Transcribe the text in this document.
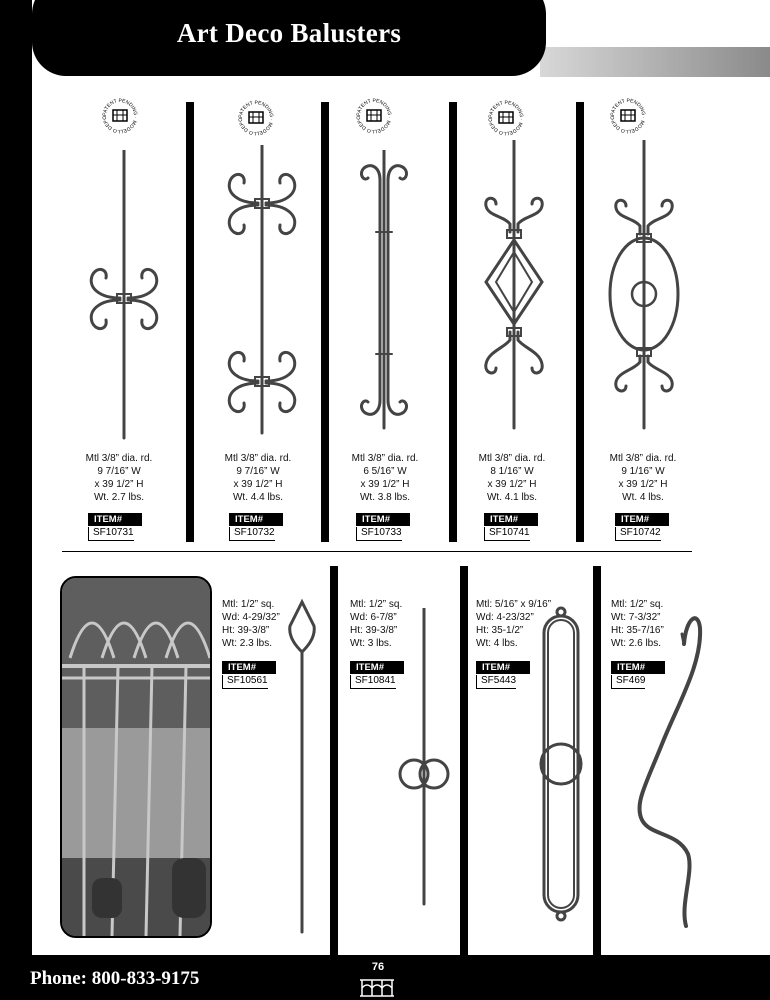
Art Deco Balusters
PATENT PENDING · MODELLO DEPO	PATENT PENDING · MODELLO DEPO
PATENT PENDING · MODELLO DEPO	PATENT PENDING · MODELLO DEPO
PATENT PENDING · MODELLO DEPO
Mtl 3/8” dia. rd.
9 7/16” W
x 39 1/2” H
Wt. 2.7 lbs.
ITEM#
SF10731
Mtl 3/8” dia. rd.
9 7/16” W
x 39 1/2” H
Wt. 4.4 lbs.
ITEM#
SF10732
Mtl 3/8” dia. rd.
6 5/16” W
x 39 1/2” H
Wt. 3.8 lbs.
ITEM#
SF10733
Mtl 3/8” dia. rd.
8 1/16” W
x 39 1/2” H
Wt. 4.1 lbs.
ITEM#
SF10741
Mtl 3/8” dia. rd.
9 1/16” W
x 39 1/2” H
Wt. 4 lbs.
ITEM#
SF10742
Mtl: 1/2” sq.
Wd: 4-29/32”
Ht: 39-3/8”
Wt: 2.3 lbs.
ITEM#
SF10561
Mtl: 1/2” sq.
Wd: 6-7/8”
Ht: 39-3/8”
Wt: 3 lbs.
ITEM#
SF10841
Mtl: 5/16” x 9/16”
Wd: 4-23/32”
Ht: 35-1/2”
Wt: 4 lbs.
ITEM#
SF5443
Mtl: 1/2” sq.
Wt: 7-3/32”
Ht: 35-7/16”
Wt: 2.6 lbs.
ITEM#
SF469
Phone: 800-833-9175
76
